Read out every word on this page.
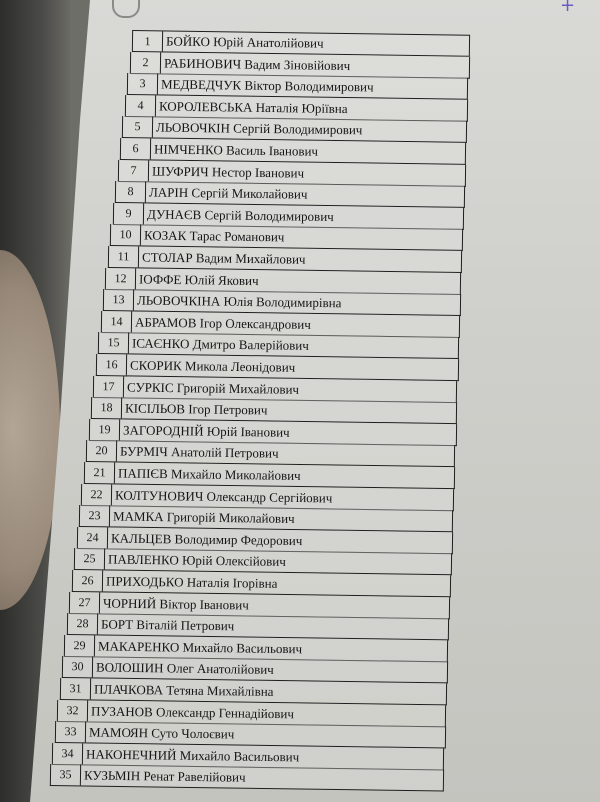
+
1	БОЙКО Юрій Анатолійович
2	РАБИНОВИЧ Вадим Зіновійович
3	МЕДВЕДЧУК Віктор Володимирович
4	КОРОЛЕВСЬКА Наталія Юріївна
5	ЛЬОВОЧКІН Сергій Володимирович
6	НІМЧЕНКО Василь Іванович
7	ШУФРИЧ Нестор Іванович
8	ЛАРІН Сергій Миколайович
9	ДУНАЄВ Сергій Володимирович
10 КОЗАК Тарас Романович
11 СТОЛАР Вадим Михайлович
12 ІОФФЕ Юлій Якович
13 ЛЬОВОЧКІНА Юлія Володимирівна
14 АБРАМОВ Ігор Олександрович
15 ІСАЄНКО Дмитро Валерійович
16 СКОРИК Микола Леонідович
17 СУРКІС Григорій Михайлович
18 КІСІЛЬОВ Ігор Петрович
19 ЗАГОРОДНІЙ Юрій Іванович
20 БУРМІЧ Анатолій Петрович
21 ПАПІЄВ Михайло Миколайович
22 КОЛТУНОВИЧ Олександр Сергійович
23 МАМКА Григорій Миколайович
24 КАЛЬЦЕВ Володимир Федорович
25 ПАВЛЕНКО Юрій Олексійович
26 ПРИХОДЬКО Наталія Ігорівна
27 ЧОРНИЙ Віктор Іванович
28 БОРТ Віталій Петрович
29 МАКАРЕНКО Михайло Васильович
30 ВОЛОШИН Олег Анатолійович
31 ПЛАЧКОВА Тетяна Михайлівна
32 ПУЗАНОВ Олександр Геннадійович
33 МАМОЯН Суто Чолоєвич
34 НАКОНЕЧНИЙ Михайло Васильович
35 КУЗЬМІН Ренат Равелійович
